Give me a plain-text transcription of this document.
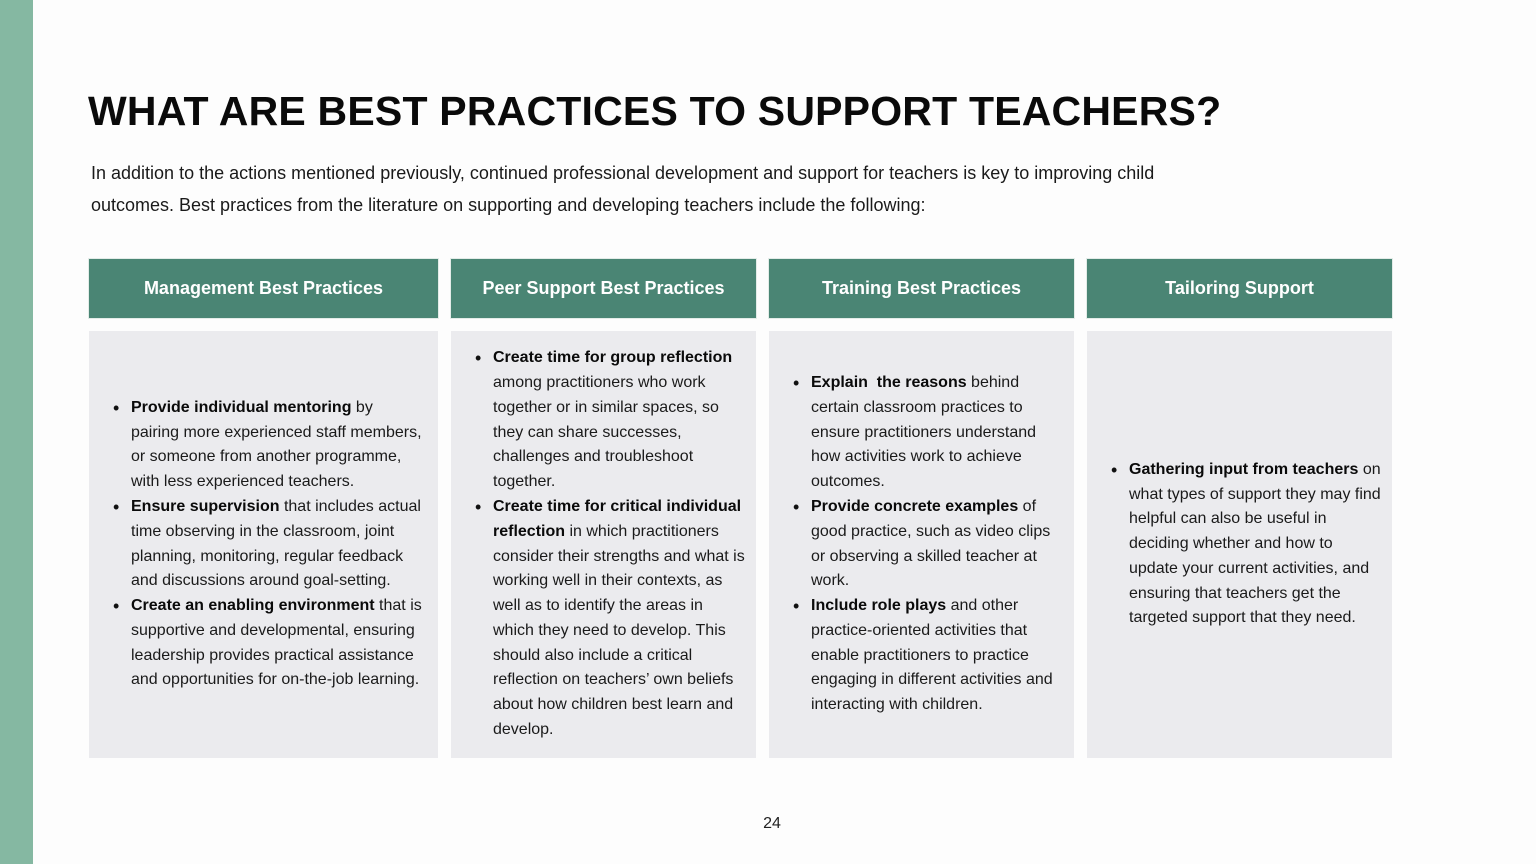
WHAT ARE BEST PRACTICES TO SUPPORT TEACHERS?

In addition to the actions mentioned previously, continued professional development and support for teachers is key to improving child outcomes. Best practices from the literature on supporting and developing teachers include the following:

Management Best Practices
• Provide individual mentoring by pairing more experienced staff members, or someone from another programme, with less experienced teachers.
• Ensure supervision that includes actual time observing in the classroom, joint planning, monitoring, regular feedback and discussions around goal-setting.
• Create an enabling environment that is supportive and developmental, ensuring leadership provides practical assistance and opportunities for on-the-job learning.
Peer Support Best Practices
• Create time for group reflection among practitioners who work together or in similar spaces, so they can share successes, challenges and troubleshoot together.
• Create time for critical individual reflection in which practitioners consider their strengths and what is working well in their contexts, as well as to identify the areas in which they need to develop. This should also include a critical reflection on teachers’ own beliefs about how children best learn and develop.
Training Best Practices
• Explain  the reasons behind certain classroom practices to ensure practitioners understand how activities work to achieve outcomes.
• Provide concrete examples of good practice, such as video clips or observing a skilled teacher at work.
• Include role plays and other practice-oriented activities that enable practitioners to practice engaging in different activities and interacting with children.
Tailoring Support
• Gathering input from teachers on what types of support they may find helpful can also be useful in deciding whether and how to update your current activities, and ensuring that teachers get the targeted support that they need.
24
